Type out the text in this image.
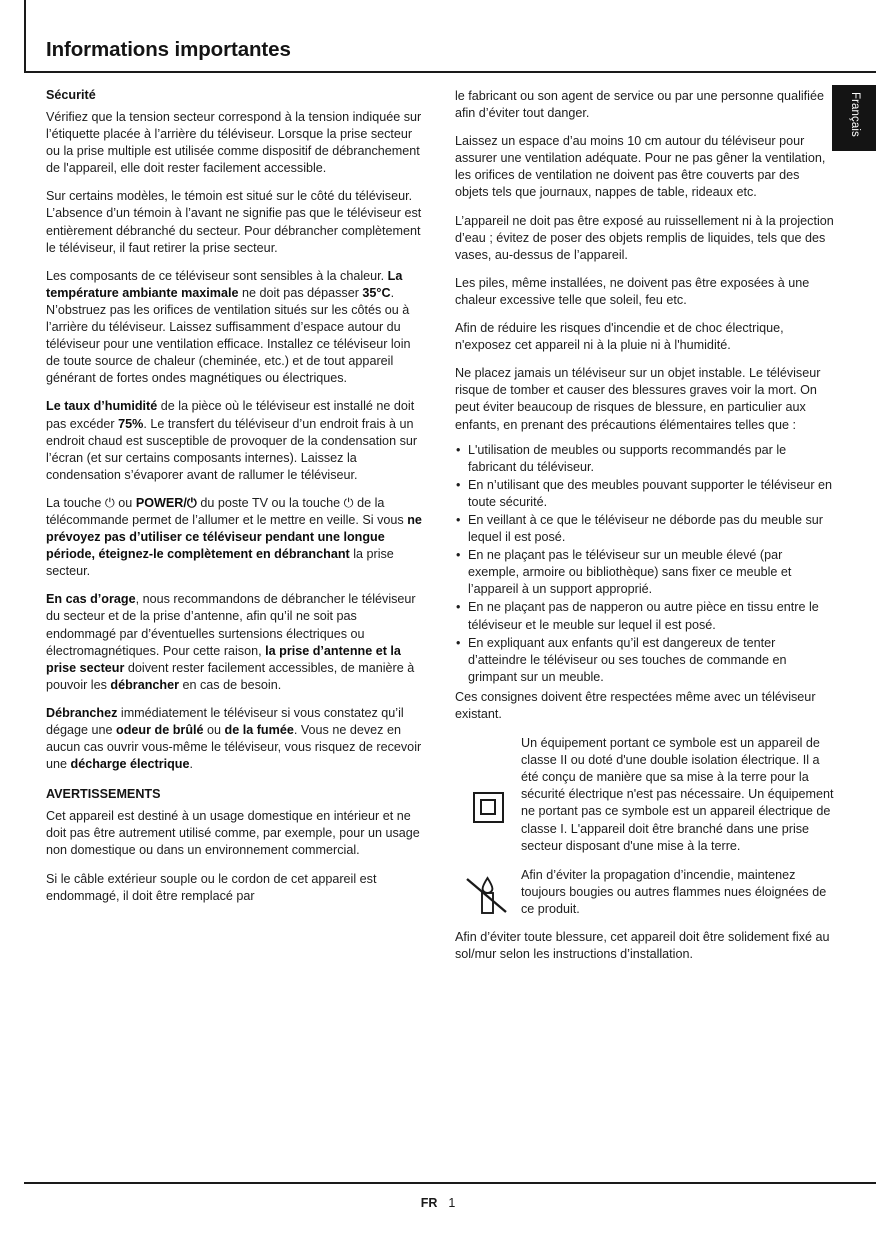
Informations importantes
Français
Sécurité

Vérifiez que la tension secteur correspond à la tension indiquée sur l’étiquette placée à l’arrière du téléviseur. Lorsque la prise secteur ou la prise multiple est utilisée comme dispositif de débranchement de l'appareil, elle doit rester facilement accessible.

Sur certains modèles, le témoin est situé sur le côté du téléviseur. L’absence d’un témoin à l’avant ne signifie pas que le téléviseur est entièrement débranché du secteur. Pour débrancher complètement le téléviseur, il faut retirer la prise secteur.

Les composants de ce téléviseur sont sensibles à la chaleur. La température ambiante maximale ne doit pas dépasser 35°C. N’obstruez pas les orifices de ventilation situés sur les côtés ou à l’arrière du téléviseur. Laissez suffisamment d’espace autour du téléviseur pour une ventilation efficace. Installez ce téléviseur loin de toute source de chaleur (cheminée, etc.) et de tout appareil générant de fortes ondes magnétiques ou électriques.

Le taux d’humidité de la pièce où le téléviseur est installé ne doit pas excéder 75%. Le transfert du téléviseur d’un endroit frais à un endroit chaud est susceptible de provoquer de la condensation sur l’écran (et sur certains composants internes). Laissez la condensation s’évaporer avant de rallumer le téléviseur.

La touche ⏻ ou POWER/⏻ du poste TV ou la touche ⏻ de la télécommande permet de l’allumer et le mettre en veille. Si vous ne prévoyez pas d’utiliser ce téléviseur pendant une longue période, éteignez-le complètement en débranchant la prise secteur.

En cas d’orage, nous recommandons de débrancher le téléviseur du secteur et de la prise d’antenne, afin qu’il ne soit pas endommagé par d’éventuelles surtensions électriques ou électromagnétiques. Pour cette raison, la prise d’antenne et la prise secteur doivent rester facilement accessibles, de manière à pouvoir les débrancher en cas de besoin.

Débranchez immédiatement le téléviseur si vous constatez qu’il dégage une odeur de brûlé ou de la fumée. Vous ne devez en aucun cas ouvrir vous-même le téléviseur, vous risquez de recevoir une décharge électrique.

AVERTISSEMENTS

Cet appareil est destiné à un usage domestique en intérieur et ne doit pas être autrement utilisé comme, par exemple, pour un usage non domestique ou dans un environnement commercial.

Si le câble extérieur souple ou le cordon de cet appareil est endommagé, il doit être remplacé par

le fabricant ou son agent de service ou par une personne qualifiée afin d’éviter tout danger.

Laissez un espace d’au moins 10 cm autour du téléviseur pour assurer une ventilation adéquate. Pour ne pas gêner la ventilation, les orifices de ventilation ne doivent pas être couverts par des objets tels que journaux, nappes de table, rideaux etc.

L’appareil ne doit pas être exposé au ruissellement ni à la projection d’eau ; évitez de poser des objets remplis de liquides, tels que des vases, au-dessus de l’appareil.

Les piles, même installées, ne doivent pas être exposées à une chaleur excessive telle que soleil, feu etc.

Afin de réduire les risques d'incendie et de choc électrique, n'exposez cet appareil ni à la pluie ni à l'humidité.

Ne placez jamais un téléviseur sur un objet instable. Le téléviseur risque de tomber et causer des blessures graves voir la mort. On peut éviter beaucoup de risques de blessure, en particulier aux enfants, en prenant des précautions élémentaires telles que :

• L'utilisation de meubles ou supports recommandés par le fabricant du téléviseur.
• En n’utilisant que des meubles pouvant supporter le téléviseur en toute sécurité.
• En veillant à ce que le téléviseur ne déborde pas du meuble sur lequel il est posé.
• En ne plaçant pas le téléviseur sur un meuble élevé (par exemple, armoire ou bibliothèque) sans fixer ce meuble et l’appareil à un support approprié.
• En ne plaçant pas de napperon ou autre pièce en tissu entre le téléviseur et le meuble sur lequel il est posé.
• En expliquant aux enfants qu’il est dangereux de tenter d’atteindre le téléviseur ou ses touches de commande en grimpant sur un meuble.

Ces consignes doivent être respectées même avec un téléviseur existant.

Un équipement portant ce symbole est un appareil de classe II ou doté d'une double isolation électrique. Il a été conçu de manière que sa mise à la terre pour la sécurité électrique n'est pas nécessaire. Un équipement ne portant pas ce symbole est un appareil électrique de classe I. L'appareil doit être branché dans une prise secteur disposant d'une mise à la terre.
Afin d’éviter la propagation d’incendie, maintenez toujours bougies ou autres flammes nues éloignées de ce produit.

Afin d’éviter toute blessure, cet appareil doit être solidement fixé au sol/mur selon les instructions d’installation.

FR 1
